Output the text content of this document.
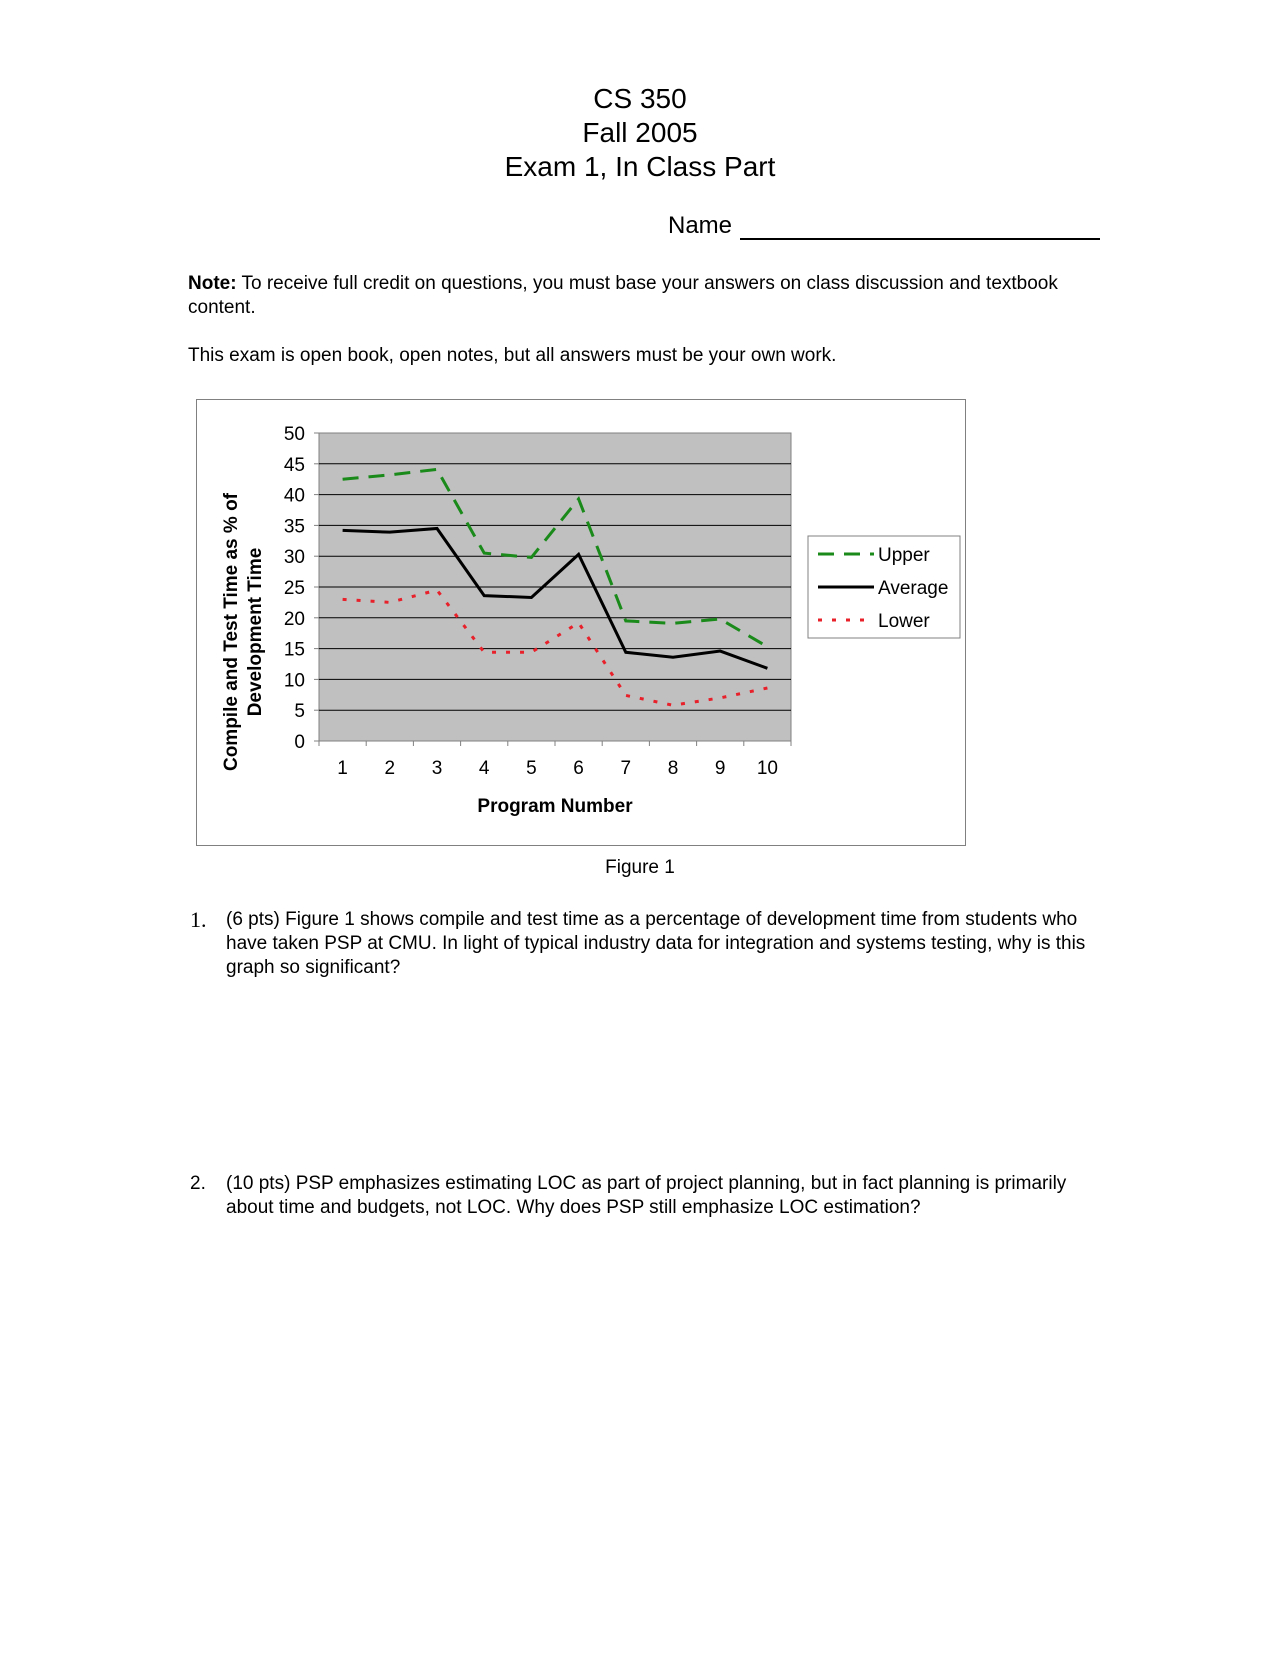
CS 350
Fall 2005
Exam 1, In Class Part
Name
Note: To receive full credit on questions, you must base your answers on class discussion and textbook content.
This exam is open book, open notes, but all answers must be your own work.
0
5
10
15
20
25
30
35
40
45
50
1 2 3 4 5 6 7 8 9 10
Upper
Average
Lower
Compile and Test Time as % of Development Time
Program Number
Figure 1
1. (6 pts) Figure 1 shows compile and test time as a percentage of development time from students who have taken PSP at CMU. In light of typical industry data for integration and systems testing, why is this graph so significant?
2. (10 pts) PSP emphasizes estimating LOC as part of project planning, but in fact planning is primarily about time and budgets, not LOC. Why does PSP still emphasize LOC estimation?
